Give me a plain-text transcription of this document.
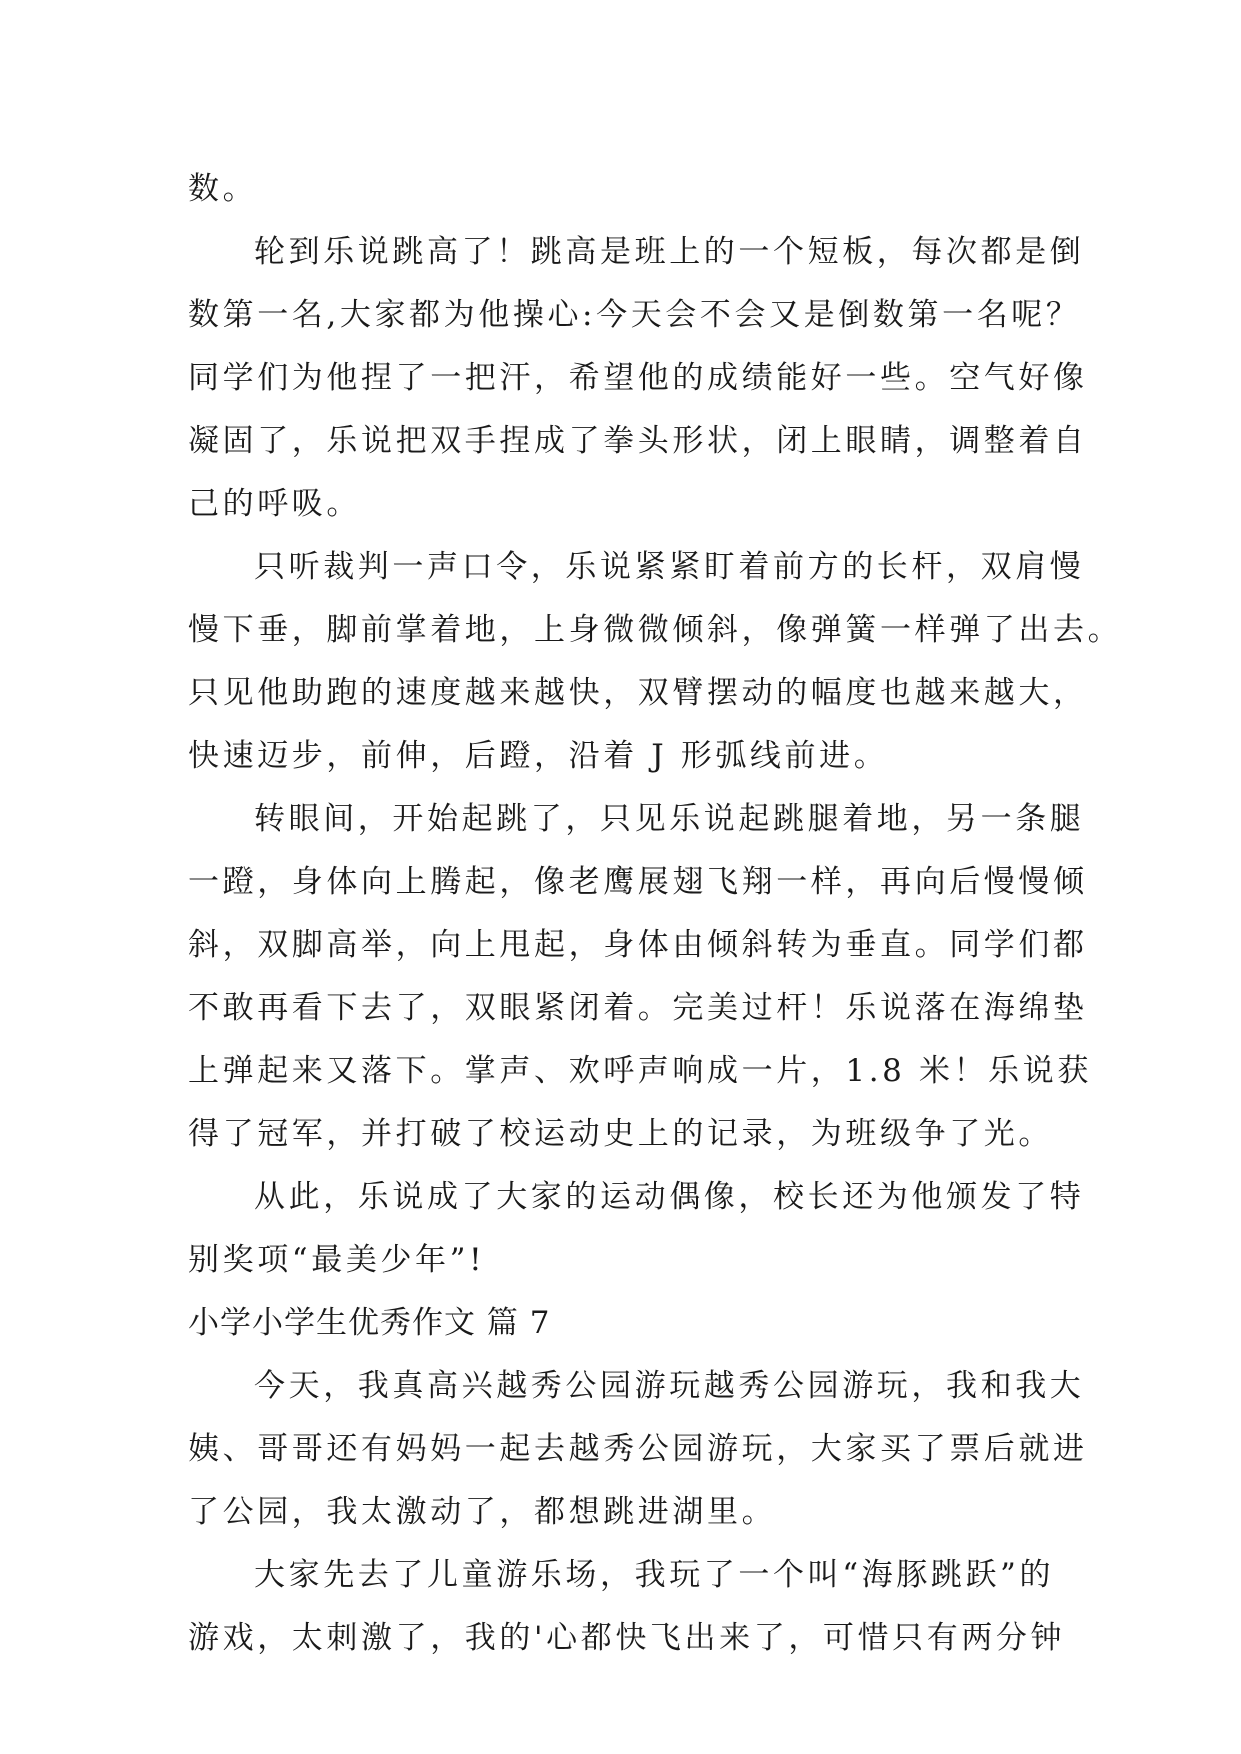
数。
轮到乐说跳高了！跳高是班上的一个短板，每次都是倒
数第一名,大家都为他操心:今天会不会又是倒数第一名呢？
同学们为他捏了一把汗，希望他的成绩能好一些。空气好像
凝固了，乐说把双手捏成了拳头形状，闭上眼睛，调整着自
己的呼吸。
只听裁判一声口令，乐说紧紧盯着前方的长杆，双肩慢
慢下垂，脚前掌着地，上身微微倾斜，像弹簧一样弹了出去。
只见他助跑的速度越来越快，双臂摆动的幅度也越来越大，
快速迈步，前伸，后蹬，沿着 J 形弧线前进。
转眼间，开始起跳了，只见乐说起跳腿着地，另一条腿
一蹬，身体向上腾起，像老鹰展翅飞翔一样，再向后慢慢倾
斜，双脚高举，向上甩起，身体由倾斜转为垂直。同学们都
不敢再看下去了，双眼紧闭着。完美过杆！乐说落在海绵垫
上弹起来又落下。掌声、欢呼声响成一片，1.8 米！乐说获
得了冠军，并打破了校运动史上的记录，为班级争了光。
从此，乐说成了大家的运动偶像，校长还为他颁发了特
别奖项“最美少年”!
小学小学生优秀作文 篇 7
今天，我真高兴越秀公园游玩越秀公园游玩，我和我大
姨、哥哥还有妈妈一起去越秀公园游玩，大家买了票后就进
了公园，我太激动了，都想跳进湖里。
大家先去了儿童游乐场，我玩了一个叫“海豚跳跃”的
游戏，太刺激了，我的'心都快飞出来了，可惜只有两分钟
